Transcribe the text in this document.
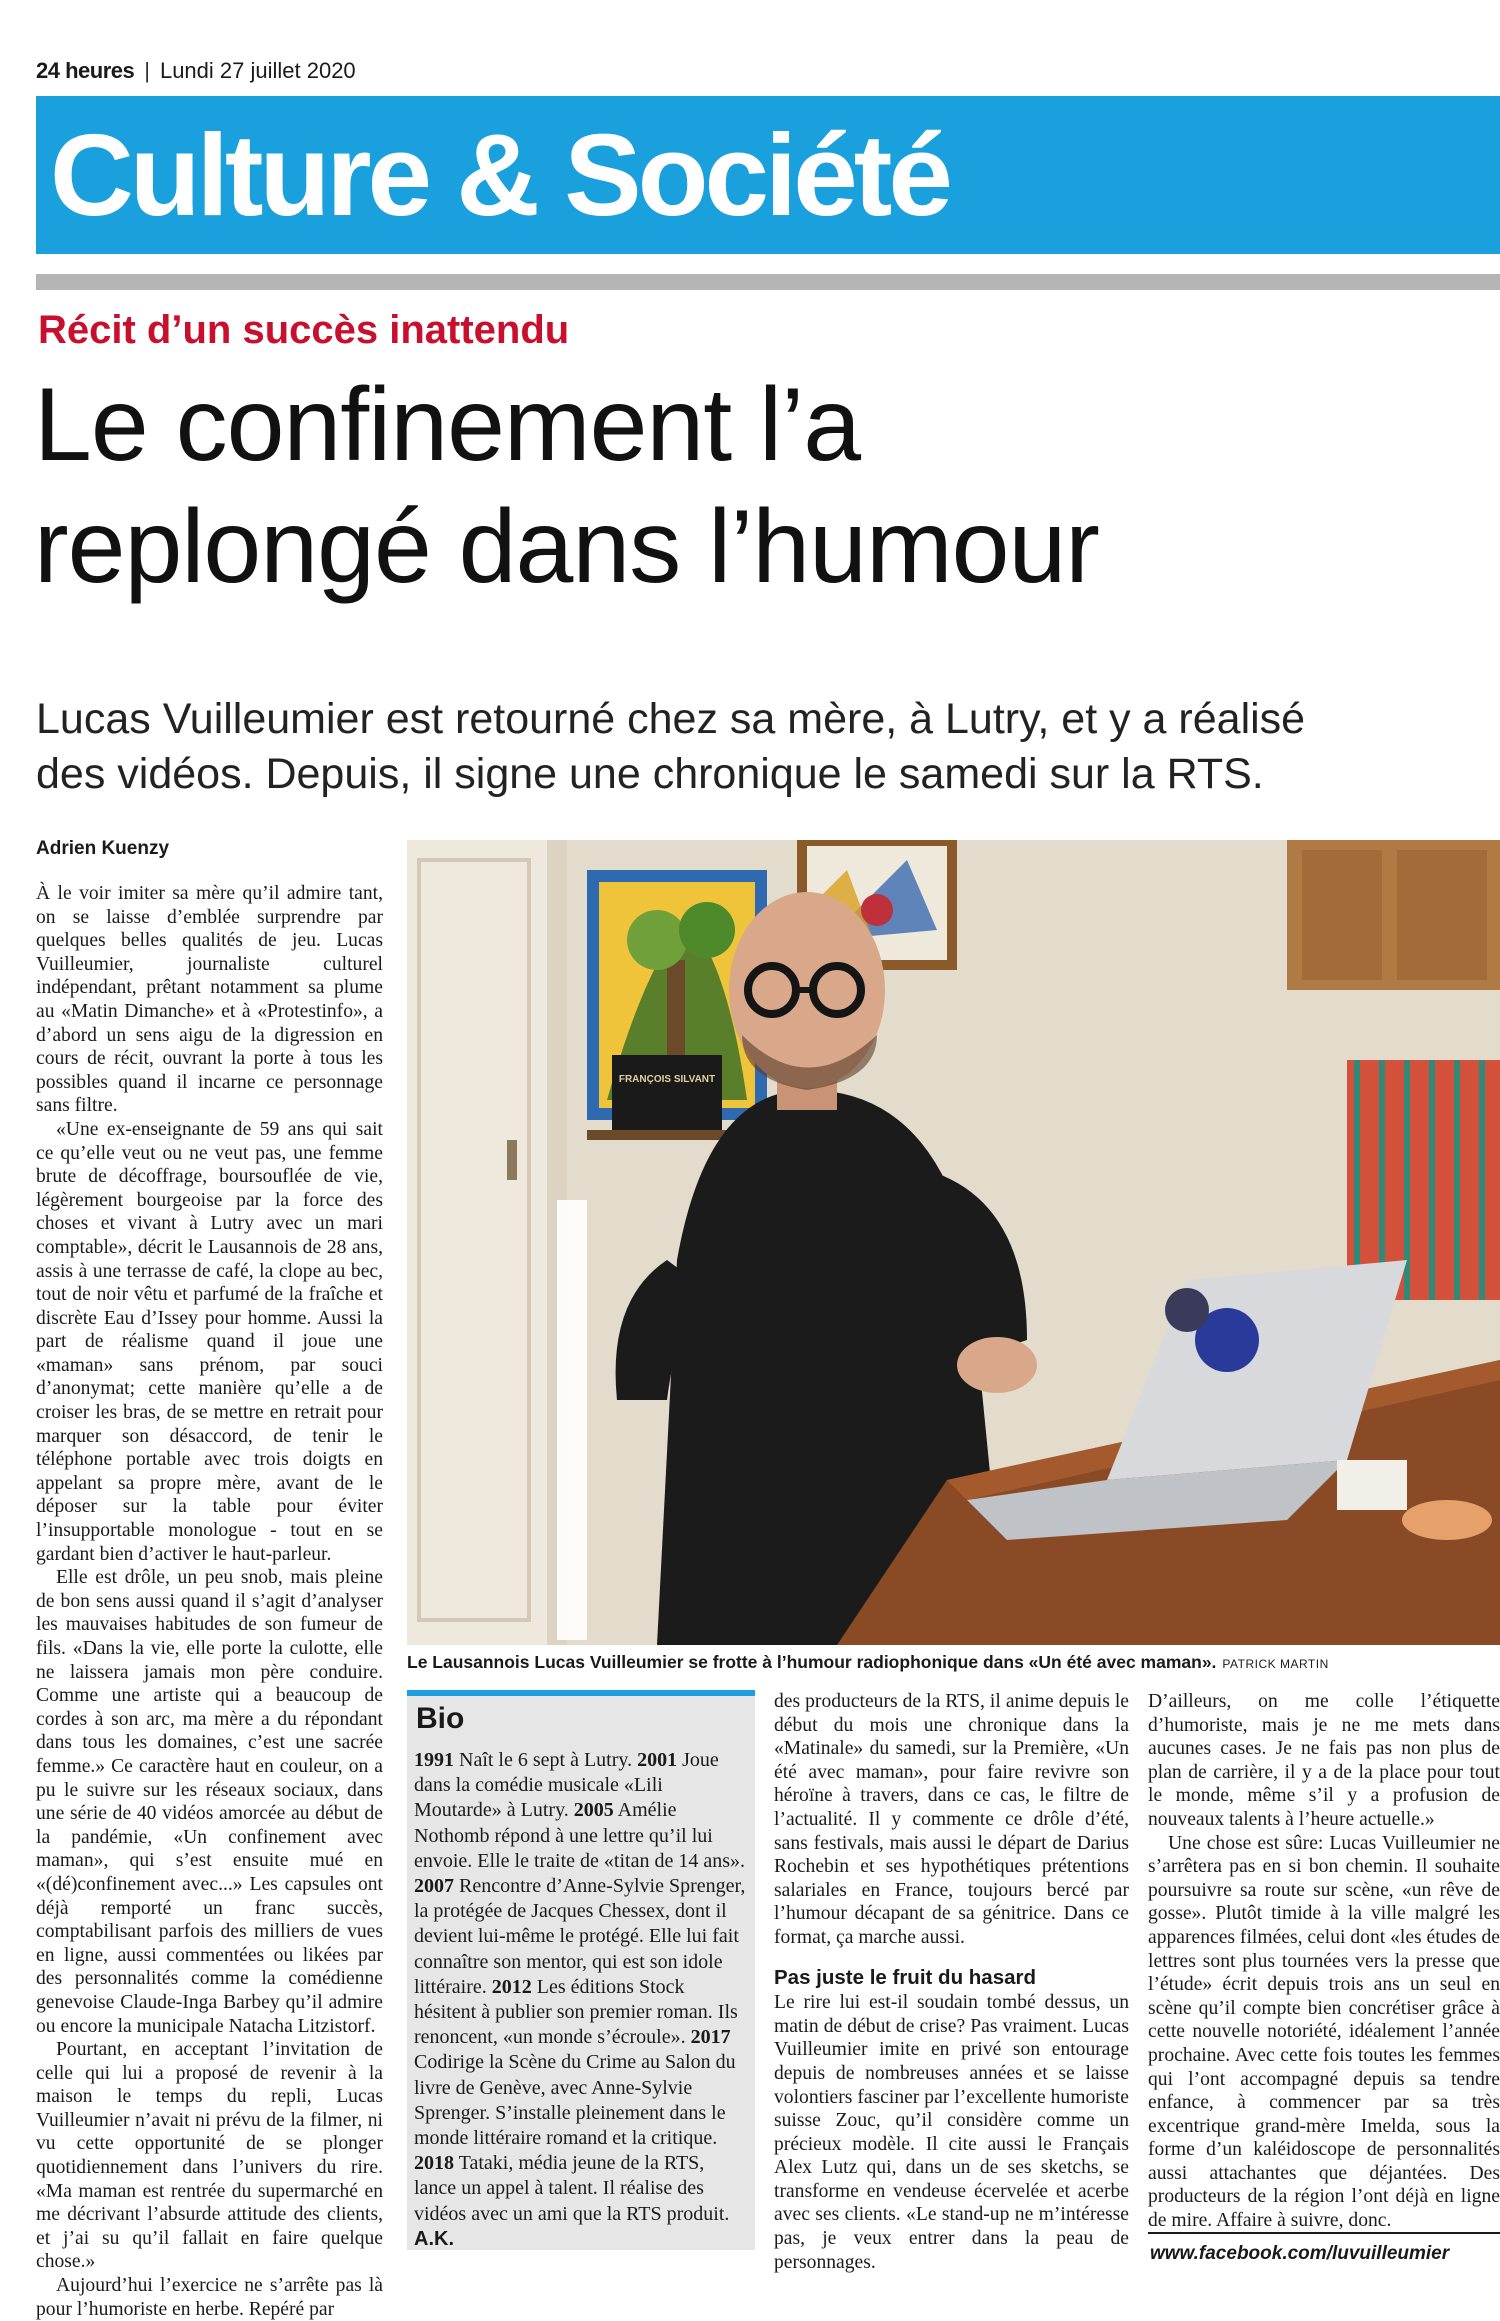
24 heures | Lundi 27 juillet 2020
Culture & Société
Récit d’un succès inattendu
Le confinement l’a
replongé dans l’humour
Lucas Vuilleumier est retourné chez sa mère, à Lutry, et y a réalisé
des vidéos. Depuis, il signe une chronique le samedi sur la RTS.
Adrien Kuenzy

À le voir imiter sa mère qu’il admire tant, on se laisse d’emblée surprendre par quelques belles qualités de jeu. Lucas Vuilleumier, journaliste culturel indépendant, prêtant notamment sa plume au «Matin Dimanche» et à «Protestinfo», a d’abord un sens aigu de la digression en cours de récit, ouvrant la porte à tous les possibles quand il incarne ce personnage sans filtre.

«Une ex-enseignante de 59 ans qui sait ce qu’elle veut ou ne veut pas, une femme brute de décoffrage, boursouflée de vie, légèrement bourgeoise par la force des choses et vivant à Lutry avec un mari comptable», décrit le Lausannois de 28 ans, assis à une terrasse de café, la clope au bec, tout de noir vêtu et parfumé de la fraîche et discrète Eau d’Issey pour homme. Aussi la part de réalisme quand il joue une «maman» sans prénom, par souci d’anonymat; cette manière qu’elle a de croiser les bras, de se mettre en retrait pour marquer son désaccord, de tenir le téléphone portable avec trois doigts en appelant sa propre mère, avant de le déposer sur la table pour éviter l’insupportable monologue - tout en se gardant bien d’activer le haut-parleur.

Elle est drôle, un peu snob, mais pleine de bon sens aussi quand il s’agit d’analyser les mauvaises habitudes de son fumeur de fils. «Dans la vie, elle porte la culotte, elle ne laissera jamais mon père conduire. Comme une artiste qui a beaucoup de cordes à son arc, ma mère a du répondant dans tous les domaines, c’est une sacrée femme.» Ce caractère haut en couleur, on a pu le suivre sur les réseaux sociaux, dans une série de 40 vidéos amorcée au début de la pandémie, «Un confinement avec maman», qui s’est ensuite mué en «(dé)confinement avec...» Les capsules ont déjà remporté un franc succès, comptabilisant parfois des milliers de vues en ligne, aussi commentées ou likées par des personnalités comme la comédienne genevoise Claude-Inga Barbey qu’il admire ou encore la municipale Natacha Litzistorf.

Pourtant, en acceptant l’invitation de celle qui lui a proposé de revenir à la maison le temps du repli, Lucas Vuilleumier n’avait ni prévu de la filmer, ni vu cette opportunité de se plonger quotidiennement dans l’univers du rire. «Ma maman est rentrée du supermarché en me décrivant l’absurde attitude des clients, et j’ai su qu’il fallait en faire quelque chose.»

Aujourd’hui l’exercice ne s’arrête pas là pour l’humoriste en herbe. Repéré par

FRANÇOIS SILVANT
Le Lausannois Lucas Vuilleumier se frotte à l’humour radiophonique dans «Un été avec maman». PATRICK MARTIN
Bio
1991 Naît le 6 sept à Lutry. 2001 Joue dans la comédie musicale «Lili Moutarde» à Lutry. 2005 Amélie Nothomb répond à une lettre qu’il lui envoie. Elle le traite de «titan de 14 ans». 2007 Rencontre d’Anne-Sylvie Sprenger, la protégée de Jacques Chessex, dont il devient lui-même le protégé. Elle lui fait connaître son mentor, qui est son idole littéraire. 2012 Les éditions Stock hésitent à publier son premier roman. Ils renoncent, «un monde s’écroule». 2017 Codirige la Scène du Crime au Salon du livre de Genève, avec Anne-Sylvie Sprenger. S’installe pleinement dans le monde littéraire romand et la critique. 2018 Tataki, média jeune de la RTS, lance un appel à talent. Il réalise des vidéos avec un ami que la RTS produit. A.K.

des producteurs de la RTS, il anime depuis le début du mois une chronique dans la «Matinale» du samedi, sur la Première, «Un été avec maman», pour faire revivre son héroïne à travers, dans ce cas, le filtre de l’actualité. Il y commente ce drôle d’été, sans festivals, mais aussi le départ de Darius Rochebin et ses hypothétiques prétentions salariales en France, toujours bercé par l’humour décapant de sa génitrice. Dans ce format, ça marche aussi.

Pas juste le fruit du hasard

Le rire lui est-il soudain tombé dessus, un matin de début de crise? Pas vraiment. Lucas Vuilleumier imite en privé son entourage depuis de nombreuses années et se laisse volontiers fasciner par l’excellente humoriste suisse Zouc, qu’il considère comme un précieux modèle. Il cite aussi le Français Alex Lutz qui, dans un de ses sketchs, se transforme en vendeuse écervelée et acerbe avec ses clients. «Le stand-up ne m’intéresse pas, je veux entrer dans la peau de personnages.

D’ailleurs, on me colle l’étiquette d’humoriste, mais je ne me mets dans aucunes cases. Je ne fais pas non plus de plan de carrière, il y a de la place pour tout le monde, même s’il y a profusion de nouveaux talents à l’heure actuelle.»

Une chose est sûre: Lucas Vuilleumier ne s’arrêtera pas en si bon chemin. Il souhaite poursuivre sa route sur scène, «un rêve de gosse». Plutôt timide à la ville malgré les apparences filmées, celui dont «les études de lettres sont plus tournées vers la presse que l’étude» écrit depuis trois ans un seul en scène qu’il compte bien concrétiser grâce à cette nouvelle notoriété, idéalement l’année prochaine. Avec cette fois toutes les femmes qui l’ont accompagné depuis sa tendre enfance, à commencer par sa très excentrique grand-mère Imelda, sous la forme d’un kaléidoscope de personnalités aussi attachantes que déjantées. Des producteurs de la région l’ont déjà en ligne de mire. Affaire à suivre, donc.

www.facebook.com/luvuilleumier
